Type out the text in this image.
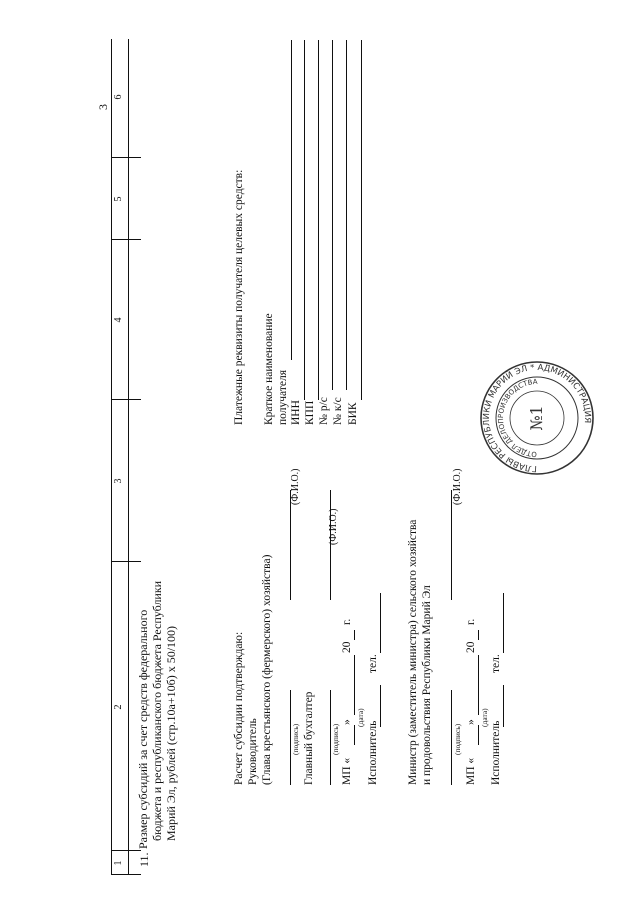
3
1
2
3
4
5
6
11.
Размер субсидий за счет средств федерального бюджета и республиканского бюджета Республики Марий Эл, рублей (стр.10а+10б) х 50/100)	Расчет субсидии подтверждаю: Руководитель (Глава крестьянского (фермерского) хозяйства) (подпись)
(Ф.И.О.)
Главный бухгалтер (подпись)
(Ф.И.О.)
МП «
» (дата)
20
г.
Исполнитель
тел. Министр (заместитель министра) сельского хозяйства и продовольствия Республики Марий Эл	(подпись)
(Ф.И.О.)
МП «
» (дата)
20
г.
Исполнитель
тел.
Платежные реквизиты получателя целевых средств: Краткое наименование получателя ИНН КПП № р/с № к/с БИК
ГЛАВЫ РЕСПУБЛИКИ МАРИЙ ЭЛ * АДМИНИСТРАЦИЯ
ОТДЕЛ ДЕЛОПРОИЗВОДСТВА
№1
